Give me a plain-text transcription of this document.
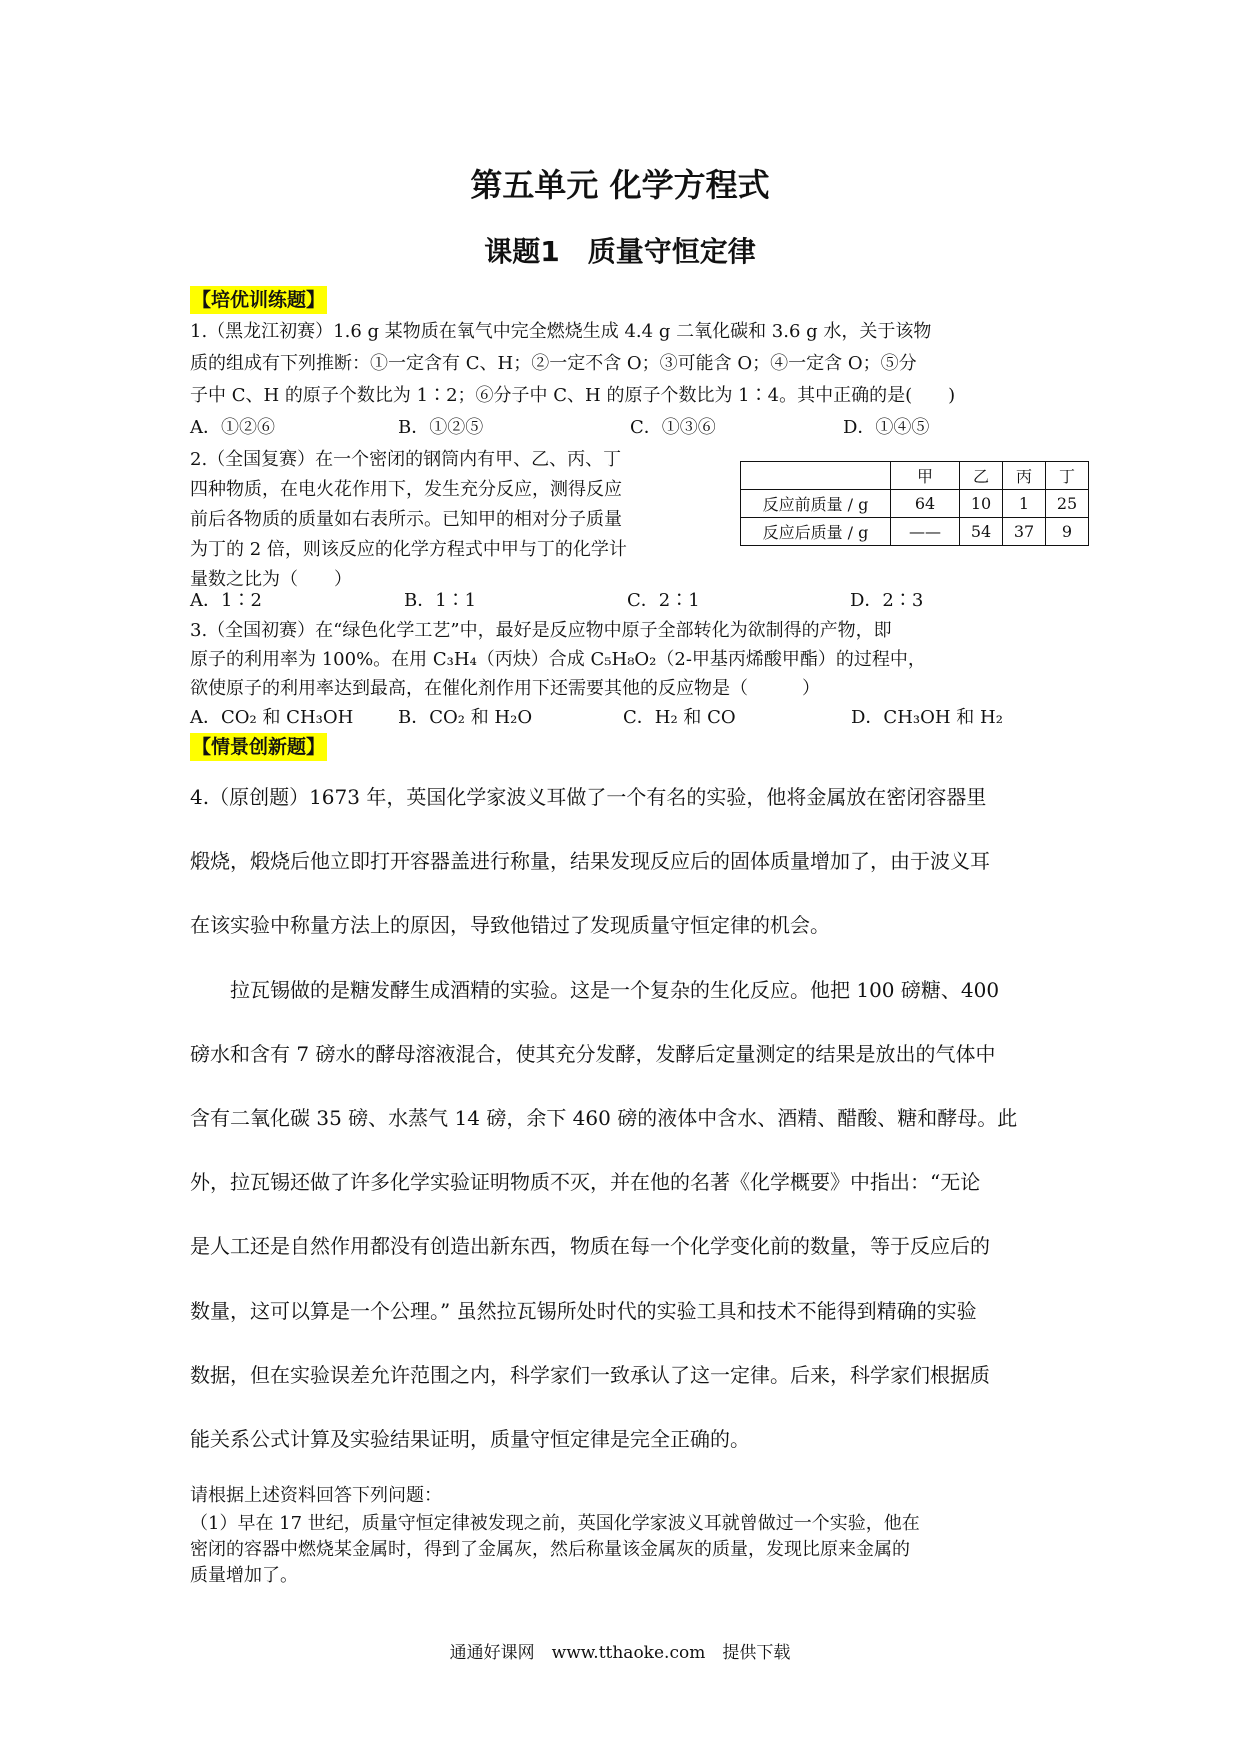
第五单元 化学方程式
课题1　质量守恒定律
【培优训练题】
1.（黑龙江初赛）1.6 g 某物质在氧气中完全燃烧生成 4.4 g 二氧化碳和 3.6 g 水，关于该物
质的组成有下列推断：①一定含有 C、H；②一定不含 O；③可能含 O；④一定含 O；⑤分
子中 C、H 的原子个数比为 1∶2；⑥分子中 C、H 的原子个数比为 1∶4。其中正确的是(　　)
A．①②⑥	B．①②⑤	C．①③⑥	D．①④⑤
2.（全国复赛）在一个密闭的钢筒内有甲、乙、丙、丁
四种物质，在电火花作用下，发生充分反应，测得反应
前后各物质的质量如右表所示。已知甲的相对分子质量
为丁的 2 倍，则该反应的化学方程式中甲与丁的化学计
量数之比为（　　）
	甲	乙	丙	丁
反应前质量 / g	64	10	1	25
反应后质量 / g	——	54	37	9
A．1∶2	B．1∶1	C．2∶1	D．2∶3
3.（全国初赛）在“绿色化学工艺”中，最好是反应物中原子全部转化为欲制得的产物，即
原子的利用率为 100%。在用 C₃H₄（丙炔）合成 C₅H₈O₂（2-甲基丙烯酸甲酯）的过程中，
欲使原子的利用率达到最高，在催化剂作用下还需要其他的反应物是（　　　）
A．CO₂ 和 CH₃OH B．CO₂ 和 H₂O	C．H₂ 和 CO	D．CH₃OH 和 H₂
【情景创新题】
4.（原创题）1673 年，英国化学家波义耳做了一个有名的实验，他将金属放在密闭容器里
煅烧，煅烧后他立即打开容器盖进行称量，结果发现反应后的固体质量增加了，由于波义耳
在该实验中称量方法上的原因，导致他错过了发现质量守恒定律的机会。
　　拉瓦锡做的是糖发酵生成酒精的实验。这是一个复杂的生化反应。他把 100 磅糖、400
磅水和含有 7 磅水的酵母溶液混合，使其充分发酵，发酵后定量测定的结果是放出的气体中
含有二氧化碳 35 磅、水蒸气 14 磅，余下 460 磅的液体中含水、酒精、醋酸、糖和酵母。此
外，拉瓦锡还做了许多化学实验证明物质不灭，并在他的名著《化学概要》中指出：“无论
是人工还是自然作用都没有创造出新东西，物质在每一个化学变化前的数量，等于反应后的
数量，这可以算是一个公理。” 虽然拉瓦锡所处时代的实验工具和技术不能得到精确的实验
数据，但在实验误差允许范围之内，科学家们一致承认了这一定律。后来，科学家们根据质
能关系公式计算及实验结果证明，质量守恒定律是完全正确的。
请根据上述资料回答下列问题：
（1）早在 17 世纪，质量守恒定律被发现之前，英国化学家波义耳就曾做过一个实验，他在
密闭的容器中燃烧某金属时，得到了金属灰，然后称量该金属灰的质量，发现比原来金属的
质量增加了。
通通好课网　www.tthaoke.com　提供下载
